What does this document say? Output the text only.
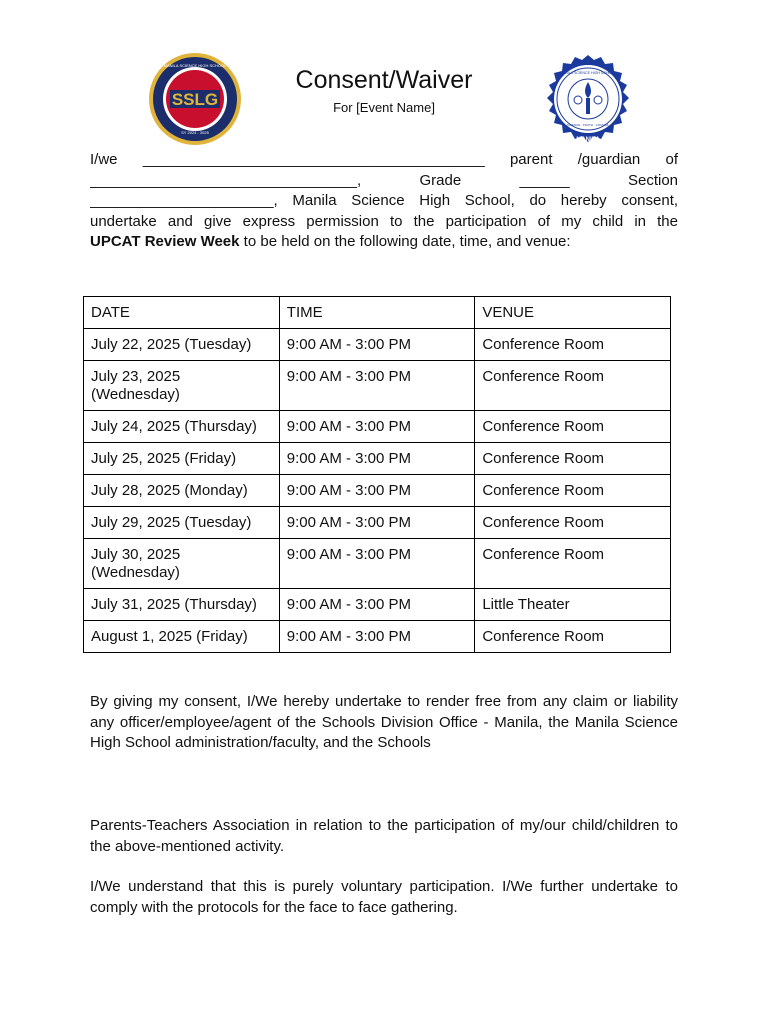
SSLG
MANILA SCIENCE HIGH SCHOOL
SY 2024 - 2025
Consent/Waiver
For [Event Name]
MANILA SCIENCE HIGH SCHOOL
SCIENCE · TRUTH · COUNCIL
MANILA
I/we _________________________________________ parent /guardian of
________________________________,	Grade	______	Section
______________________, Manila Science High School, do hereby consent,
undertake and give express permission to the participation of my child in the
UPCAT Review Week to be held on the following date, time, and venue:
DATE	TIME	VENUE
July 22, 2025 (Tuesday)	9:00 AM - 3:00 PM	Conference Room
July 23, 2025 (Wednesday)	9:00 AM - 3:00 PM	Conference Room
July 24, 2025 (Thursday)	9:00 AM - 3:00 PM	Conference Room
July 25, 2025 (Friday)	9:00 AM - 3:00 PM	Conference Room
July 28, 2025 (Monday)	9:00 AM - 3:00 PM	Conference Room
July 29, 2025 (Tuesday)	9:00 AM - 3:00 PM	Conference Room
July 30, 2025 (Wednesday)	9:00 AM - 3:00 PM	Conference Room
July 31, 2025 (Thursday)	9:00 AM - 3:00 PM	Little Theater
August 1, 2025 (Friday)	9:00 AM - 3:00 PM	Conference Room

By giving my consent, I/We hereby undertake to render free from any claim or liability any officer/employee/agent of the Schools Division Office - Manila, the Manila Science High School administration/faculty, and the Schools

Parents-Teachers Association in relation to the participation of my/our child/children to the above-mentioned activity.

I/We understand that this is purely voluntary participation. I/We further undertake to comply with the protocols for the face to face gathering.
